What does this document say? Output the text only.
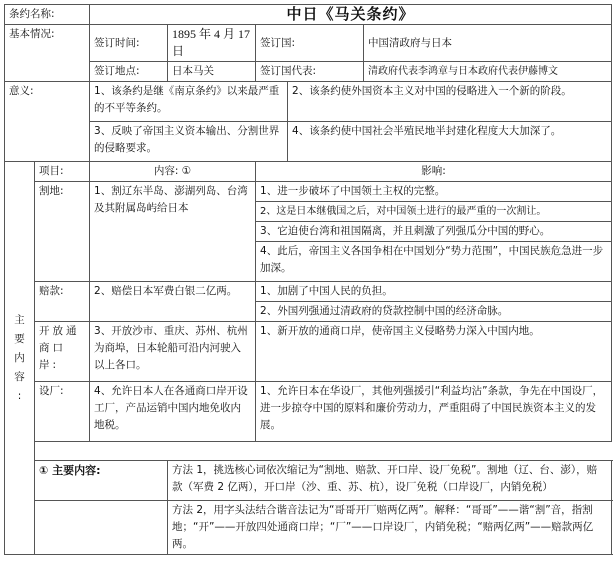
条约名称:		中日《马关条约》				
基本情况:		签订时间:	1895 年 4 月 17 日	签订国:		中国清政府与日本
		签订地点:	日本马关	签订国代表:		清政府代表李鸿章与日本政府代表伊藤博文
意义:		1、该条约是继《南京条约》以来最严重的不平等条约。			2、该条约使外国资本主义对中国的侵略进入一个新的阶段。	
		3、反映了帝国主义资本输出、分割世界的侵略要求。			4、该条约使中国社会半殖民地半封建化程度大大加深了。	

主
要
内
容
:	项目:	内容: ①		影响:		
	割地:	1、割辽东半岛、澎湖列岛、台湾及其附属岛屿给日本		1、进一步破坏了中国领土主权的完整。		
				2、这是日本继俄国之后，对中国领土进行的最严重的一次割让。		
				3、它迫使台湾和祖国隔离，并且刺激了列强瓜分中国的野心。		
				4、此后，帝国主义各国争相在中国划分“势力范围”，中国民族危急进一步加深。		
	赔款:	2、赔偿日本军费白银二亿两。		1、加剧了中国人民的负担。		
				2、外国列强通过清政府的贷款控制中国的经济命脉。		
	开放通商口岸:	3、开放沙市、重庆、苏州、杭州为商埠，日本轮船可沿内河驶入以上各口。		1、新开放的通商口岸，使帝国主义侵略势力深入中国内地。		
	设厂:	4、允许日本人在各通商口岸开设工厂，产品运销中国内地免收内地税。		1、允许日本在华设厂，其他列强援引“利益均沾”条款，争先在中国设厂，进一步掠夺中国的原料和廉价劳动力，严重阻碍了中国民族资本主义的发展。		

	① 主要内容:		方法 1，挑选核心词依次缩记为“割地、赔款、开口岸、设厂免税”。割地（辽、台、澎），赔款（军费 2 亿两），开口岸（沙、重、苏、杭），设厂免税（口岸设厂，内销免税）			
			方法 2，用字头法结合谐音法记为“哥哥开厂赔两亿两”。解释：“哥哥”——谐“割”音，指割地；“开”——开放四处通商口岸；“厂”——口岸设厂，内销免税；“赔两亿两”——赔款两亿两。			
